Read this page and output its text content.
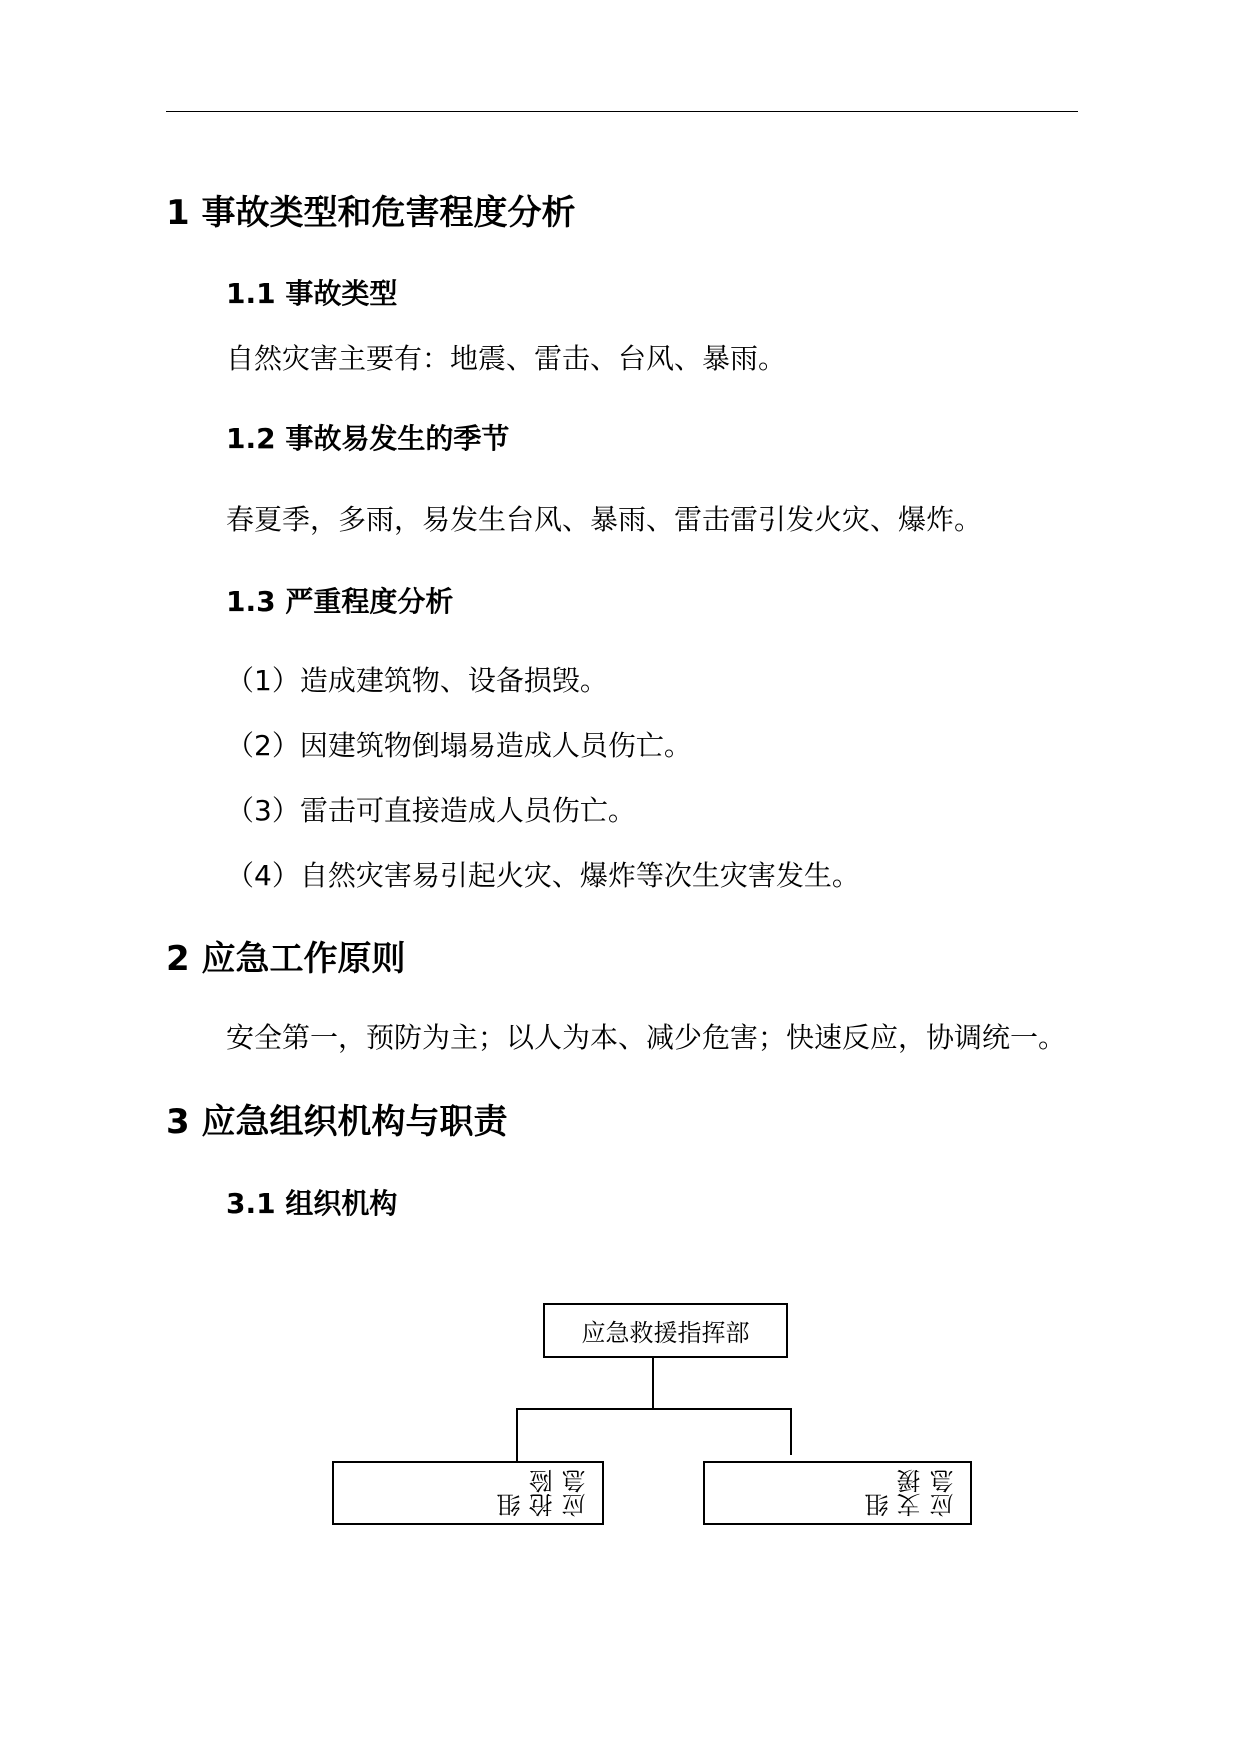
1 事故类型和危害程度分析
1.1 事故类型
自然灾害主要有：地震、雷击、台风、暴雨。
1.2 事故易发生的季节
春夏季，多雨，易发生台风、暴雨、雷击雷引发火灾、爆炸。
1.3 严重程度分析
（1）造成建筑物、设备损毁。
（2）因建筑物倒塌易造成人员伤亡。
（3）雷击可直接造成人员伤亡。
（4）自然灾害易引起火灾、爆炸等次生灾害发生。
2 应急工作原则
安全第一，预防为主；以人为本、减少危害；快速反应，协调统一。
3 应急组织机构与职责
3.1 组织机构
应急救援指挥部
应急
抢险
组	应急
支援
组
